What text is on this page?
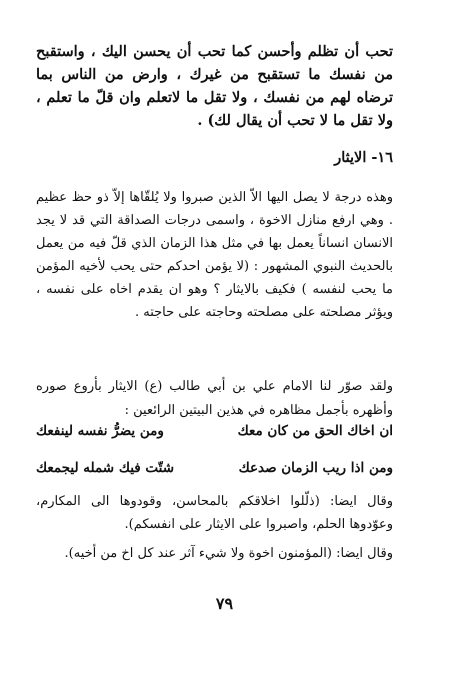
تحب أن تظلم وأحسن كما تحب أن يحسن اليك ، واستقبح من نفسك ما تستقبح من غيرك ، وارض من الناس بما ترضاه لهم من نفسك ، ولا تقل ما لاتعلم وان قلّ ما تعلم ، ولا تقل ما لا تحب أن يقال لك) .

١٦- الايثار

وهذه درجة لا يصل اليها الاّ الذين صبروا ولا يُلقّاها إلاّ ذو حظ عظيم . وهي ارفع منازل الاخوة ، واسمى درجات الصداقة التي قد لا يجد الانسان انساناً يعمل بها في مثل هذا الزمان الذي قلّ فيه من يعمل بالحديث النبوي المشهور : (لا يؤمن احدكم حتى يحب لأخيه المؤمن ما يحب لنفسه ) فكيف بالايثار ؟ وهو ان يقدم اخاه على نفسه ، ويؤثر مصلحته على مصلحته وحاجته على حاجته .

ولقد صوّر لنا الامام علي بن أبي طالب (ع) الايثار بأروع صوره وأظهره بأجمل مظاهره في هذين البيتين الرائعين :

ان اخاك الحق من كان معك
ومن يضرُّ نفسه لينفعك
ومن اذا ريب الزمان صدعك
شتّت فيك شمله ليجمعك

وقال ايضا: (ذلّلوا اخلاقكم بالمحاسن، وقودوها الى المكارم، وعوّدوها الحلم، واصبروا على الايثار على انفسكم).

وقال ايضا: (المؤمنون اخوة ولا شيء آثر عند كل اخ من أخيه).

٧٩
